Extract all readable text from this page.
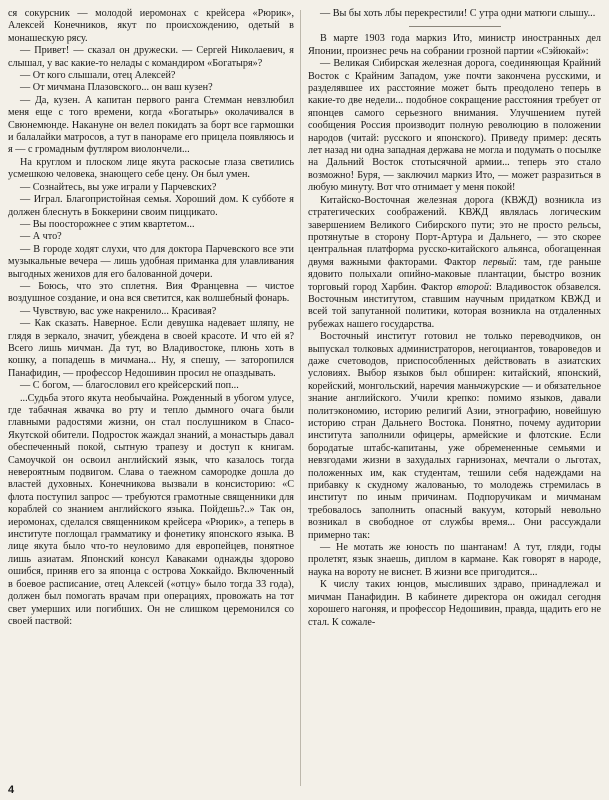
ся сокурсник — молодой иеромонах с крейсера «Рюрик», Алексей Конечников, якут по происхождению, одетый в монашескую рясу.

— Привет! — сказал он дружески. — Сергей Николаевич, я слышал, у вас какие-то нелады с командиром «Богатыря»?

— От кого слышали, отец Алексей?

— От мичмана Плазовского... он ваш кузен?

— Да, кузен. А капитан первого ранга Стемман невзлюбил меня еще с того времени, когда «Богатырь» околачивался в Свюнемюнде. Накануне он велел покидать за борт все гармошки и балалайки матросов, а тут в панораме его прицела появляюсь и я — с громадным футляром виолончели...

На круглом и плоском лице якута раскосые глаза светились усмешкою человека, знающего себе цену. Он был умен.

— Сознайтесь, вы уже играли у Парчевских?

— Играл. Благопристойная семья. Хороший дом. К субботе я должен блеснуть в Боккерини своим пиццикато.

— Вы поосторожнее с этим квартетом...

— А что?

— В городе ходят слухи, что для доктора Парчевского все эти музыкальные вечера — лишь удобная приманка для улавливания выгодных женихов для его балованной дочери.

— Боюсь, что это сплетня. Вия Францевна — чистое воздушное создание, и она вся светится, как волшебный фонарь.

— Чувствую, вас уже накренило... Красивая?

— Как сказать. Наверное. Если девушка надевает шляпу, не глядя в зеркало, значит, убеждена в своей красоте. И что ей я? Всего лишь мичман. Да тут, во Владивостоке, плюнь хоть в кошку, а попадешь в мичмана... Ну, я спешу, — заторопился Панафидин, — профессор Недошивин просил не опаздывать.

— С богом, — благословил его крейсерский поп...

...Судьба этого якута необычайна. Рожденный в убогом улусе, где табачная жвачка во рту и тепло дымного очага были главными радостями жизни, он стал послушником в Спасо-Якутской обители. Подросток жаждал знаний, а монастырь давал обеспеченный покой, сытную трапезу и доступ к книгам. Самоучкой он освоил английский язык, что казалось тогда невероятным подвигом. Слава о таежном самородке дошла до властей духовных. Конечникова вызвали в консисторию: «С флота поступил запрос — требуются грамотные священники для кораблей со знанием английского языка. Пойдешь?..» Так он, иеромонах, сделался священником крейсера «Рюрик», а теперь в институте поглощал грамматику и фонетику японского языка. В лице якута было что-то неуловимо для европейцев, понятное лишь азиатам. Японский консул Каваками однажды здорово ошибся, приняв его за японца с острова Хоккайдо. Включенный в боевое расписание, отец Алексей («отцу» было тогда 33 года), должен был помогать врачам при операциях, провожать на тот свет умерших или погибших. Он не слишком церемонился со своей паствой:

— Вы бы хоть лбы перекрестили! С утра одни матюги слышу...

В марте 1903 года маркиз Ито, министр иностранных дел Японии, произнес речь на собрании грозной партии «Сэйюкай»:

— Великая Сибирская железная дорога, соединяющая Крайний Восток с Крайним Западом, уже почти закончена русскими, и разделявшее их расстояние может быть преодолено теперь в какие-то две недели... подобное сокращение расстояния требует от японцев самого серьезного внимания. Улучшением путей сообщения Россия производит полную революцию в положении народов (читай: русского и японского). Приведу пример: десять лет назад ни одна западная держава не могла и подумать о посылке на Дальний Восток стотысячной армии... теперь это стало возможно! Буря, — заключил маркиз Ито, — может разразиться в любую минуту. Вот что отнимает у меня покой!

Китайско-Восточная железная дорога (КВЖД) возникла из стратегических соображений. КВЖД являлась логическим завершением Великого Сибирского пути; это не просто рельсы, протянутые в сторону Порт-Артура и Дальнего, — это скорее центральная платформа русско-китайского альянса, обогащенная двумя важными факторами. Фактор первый: там, где раньше ядовито полыхали опийно-маковые плантации, быстро возник торговый город Харбин. Фактор второй: Владивосток обзавелся. Восточным институтом, ставшим научным придатком КВЖД и всей той запутанной политики, которая возникла на отдаленных рубежах нашего государства.

Восточный институт готовил не только переводчиков, он выпускал толковых администраторов, негоциантов, товароведов и даже счетоводов, приспособленных действовать в азиатских условиях. Выбор языков был обширен: китайский, японский, корейский, монгольский, наречия маньчжурские — и обязательное знание английского. Учили крепко: помимо языков, давали политэкономию, историю религий Азии, этнографию, новейшую историю стран Дальнего Востока. Понятно, почему аудитории института заполнили офицеры, армейские и флотские. Если бородатые штабс-капитаны, уже обремененные семьями и невзгодами жизни в захудалых гарнизонах, мечтали о льготах, положенных им, как студентам, тешили себя надеждами на прибавку к скудному жалованью, то молодежь стремилась в институт по иным причинам. Подпоручикам и мичманам требовалось заполнить опасный вакуум, который невольно возникал в свободное от службы время... Они рассуждали примерно так:

— Не мотать же юность по шантанам! А тут, гляди, годы пролетят, язык знаешь, диплом в кармане. Как говорят в народе, наука на вороту не виснет. В жизни все пригодится...

К числу таких юнцов, мысливших здраво, принадлежал и мичман Панафидин. В кабинете директора он ожидал сегодня хорошего нагоняя, и профессор Недошивин, правда, щадить его не стал. К сожале-

4
